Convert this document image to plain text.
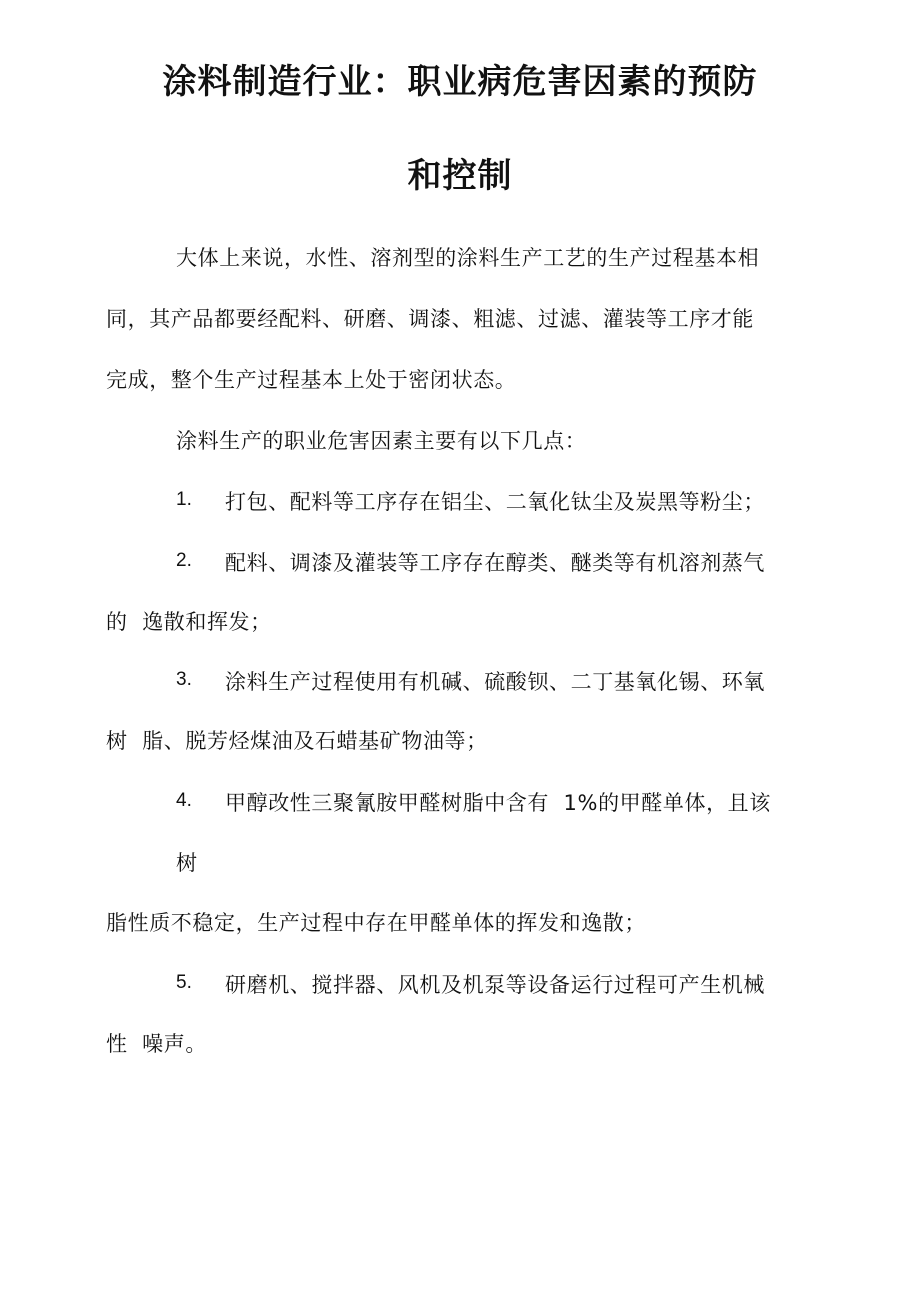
涂料制造行业：职业病危害因素的预防
和控制
大体上来说，水性、溶剂型的涂料生产工艺的生产过程基本相
同，其产品都要经配料、研磨、调漆、粗滤、过滤、灌装等工序才能
完成，整个生产过程基本上处于密闭状态。
涂料生产的职业危害因素主要有以下几点：
1. 打包、配料等工序存在铝尘、二氧化钛尘及炭黑等粉尘；
2. 配料、调漆及灌装等工序存在醇类、醚类等有机溶剂蒸气
的  逸散和挥发；
3. 涂料生产过程使用有机碱、硫酸钡、二丁基氧化锡、环氧
树  脂、脱芳烃煤油及石蜡基矿物油等；
4. 甲醇改性三聚氰胺甲醛树脂中含有  1%的甲醛单体，且该
树
脂性质不稳定，生产过程中存在甲醛单体的挥发和逸散；
5. 研磨机、搅拌器、风机及机泵等设备运行过程可产生机械
性  噪声。
